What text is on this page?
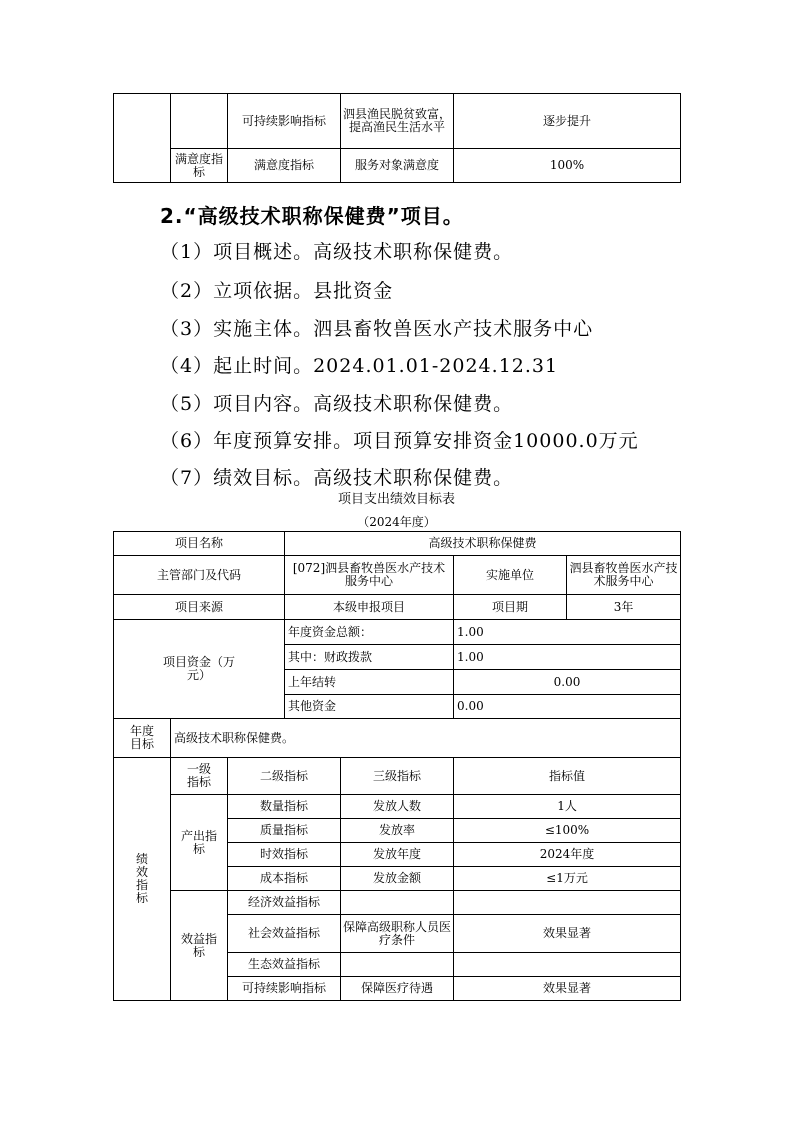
		可持续影响指标	泗县渔民脱贫致富，提高渔民生活水平	逐步提升
	满意度指标	满意度指标	服务对象满意度	100%
2.“高级技术职称保健费”项目。
（1）项目概述。高级技术职称保健费。
（2）立项依据。县批资金
（3）实施主体。泗县畜牧兽医水产技术服务中心
（4）起止时间。2024.01.01-2024.12.31
（5）项目内容。高级技术职称保健费。
（6）年度预算安排。项目预算安排资金10000.0万元
（7）绩效目标。高级技术职称保健费。
项目支出绩效目标表
（2024年度）
项目名称			高级技术职称保健费			
主管部门及代码			[072]泗县畜牧兽医水产技术服务中心		实施单位	泗县畜牧兽医水产技术服务中心
项目来源			本级申报项目		项目期	3年
项目资金（万元）			年度资金总额：		1.00	
			其中：财政拨款		1.00	
			上年结转		0.00	
			其他资金		0.00	
年度目标	高级技术职称保健费。					
绩效指标	一级指标	二级指标		三级指标	指标值	
	产出指标	数量指标		发放人数	1人	
		质量指标		发放率	≤100%	
		时效指标		发放年度	2024年度	
		成本指标		发放金额	≤1万元	
	效益指标	经济效益指标				
		社会效益指标		保障高级职称人员医疗条件	效果显著	
		生态效益指标				
		可持续影响指标		保障医疗待遇	效果显著	
